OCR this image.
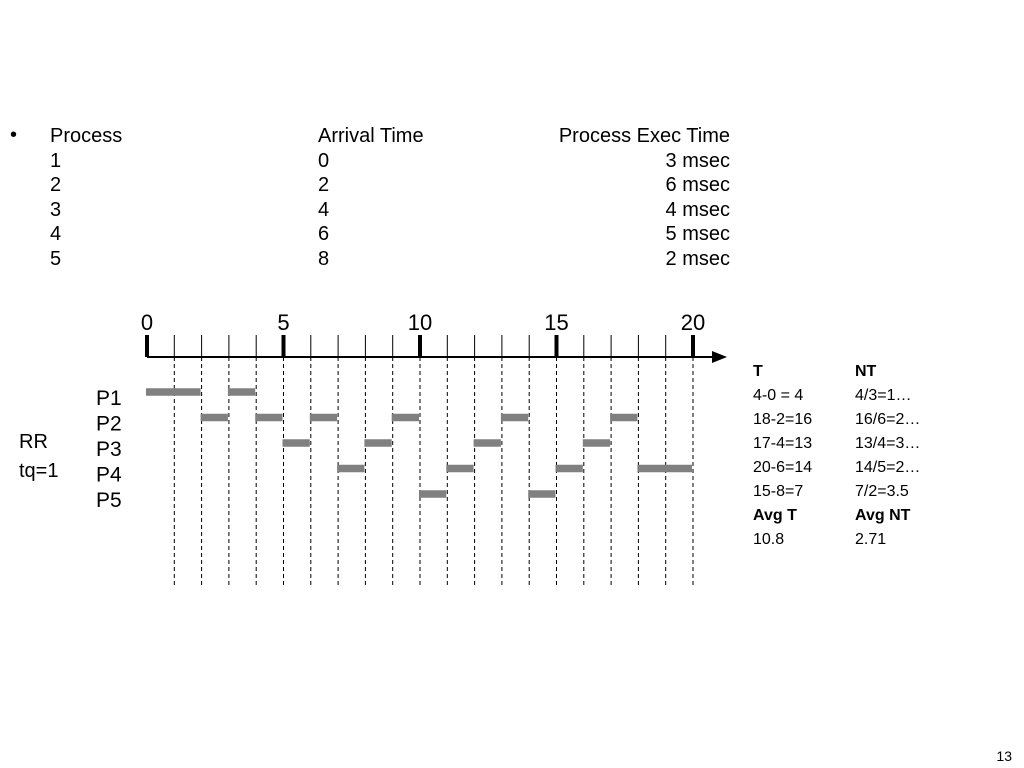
• Process	Arrival Time	Process Exec Time
1	0	3 msec
2	2	6 msec
3	4	4 msec
4	6	5 msec
5	8	2 msec
RR
tq=1
0	5	10	15	20
P1
P2
P3
P4
P5
T	NT
4-0 = 4	4/3=1…
18-2=16	16/6=2…
17-4=13	13/4=3…
20-6=14	14/5=2…
15-8=7	7/2=3.5
Avg T	Avg NT
10.8	2.71
13
